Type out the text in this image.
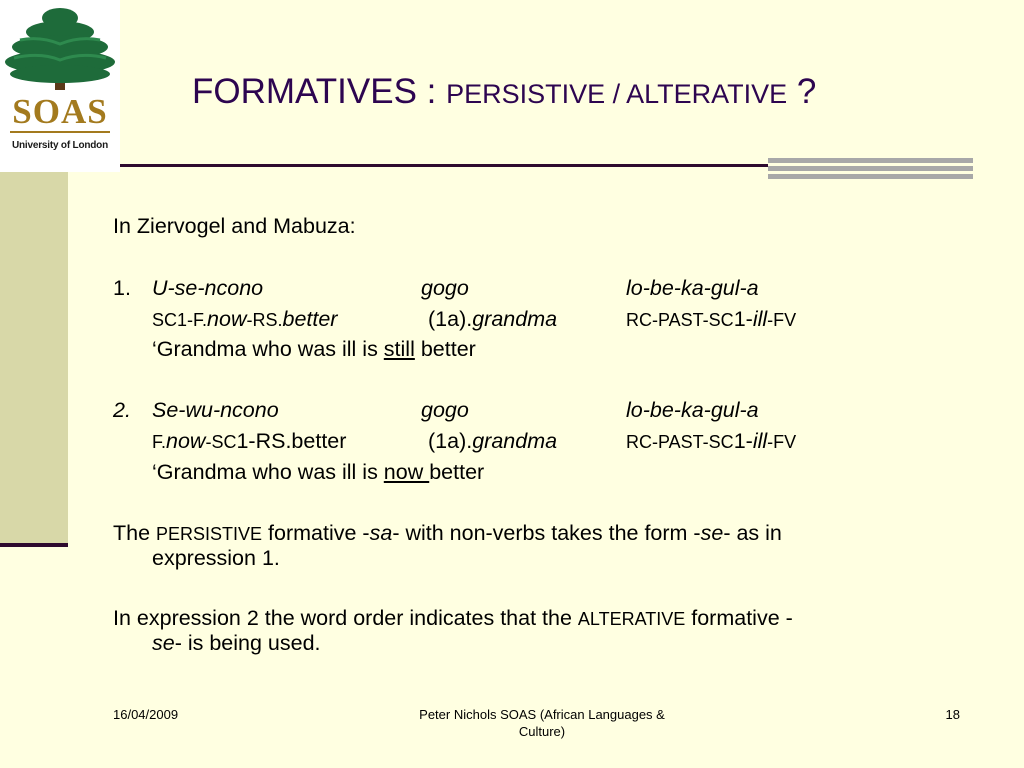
SOAS
University of London
FORMATIVES : PERSISTIVE / ALTERATIVE ?
In Ziervogel and Mabuza:
1. U-se-ncono	gogo	lo-be-ka-gul-a
SC1-F.now-RS.better	(1a).grandma	RC-PAST-SC1-ill-FV
‘Grandma who was ill is still better
2. Se-wu-ncono	gogo	lo-be-ka-gul-a
F.now-SC1-RS.better	(1a).grandma	RC-PAST-SC1-ill-FV
‘Grandma who was ill is now better
The PERSISTIVE formative -sa- with non-verbs takes the form -se- as in
expression 1.
In expression 2 the word order indicates that the ALTERATIVE formative -
se- is being used.
16/04/2009	Peter Nichols SOAS (African Languages &
Culture)
18
